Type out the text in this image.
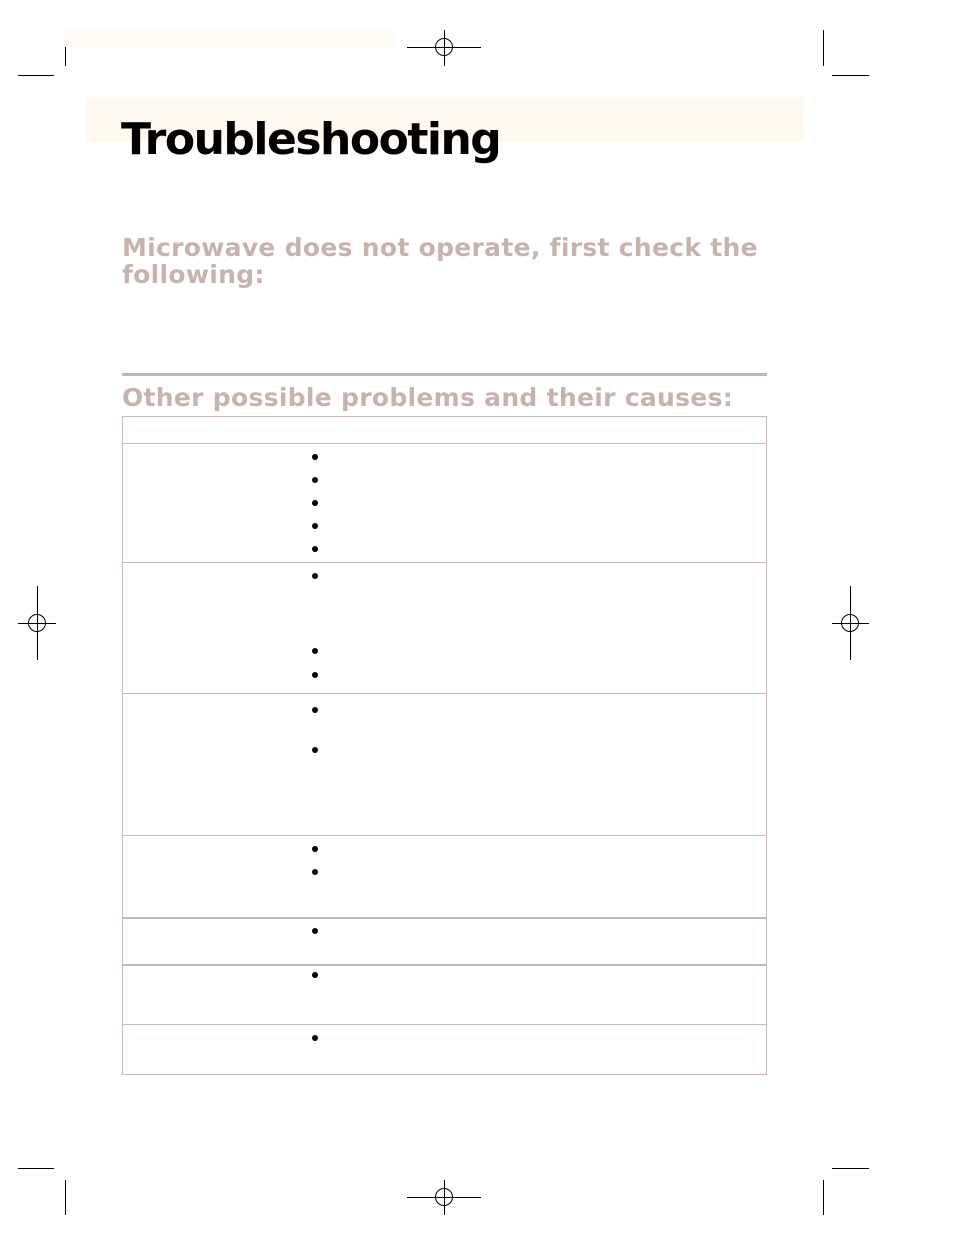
Troubleshooting
Microwave does not operate, first check the following:
Other possible problems and their causes:
